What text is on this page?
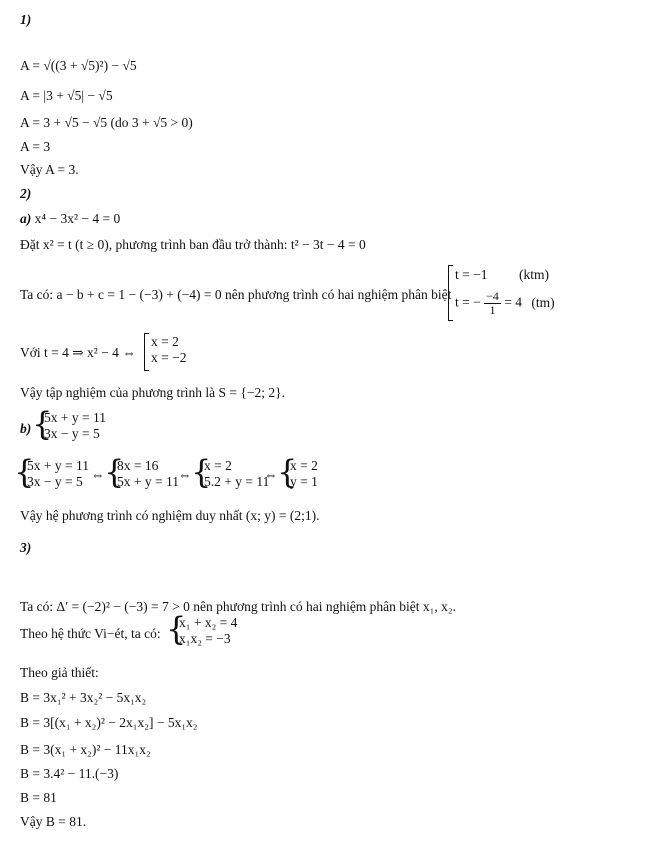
1)
A = √((3 + √5)²) − √5
A = |3 + √5| − √5
A = 3 + √5 − √5 (do 3 + √5 > 0)
A = 3
Vậy A = 3.
2)
a) x⁴ − 3x² − 4 = 0
Đặt x² = t (t ≥ 0), phương trình ban đầu trở thành: t² − 3t − 4 = 0
Ta có: a − b + c = 1 − (−3) + (−4) = 0 nên phương trình có hai nghiệm phân biệt
t = −1 (ktm)
t = − $\frac{-4}{1} = 4$ (tm)
Với t = 4 ⇒ x² − 4 ⇔
x = 2
x = −2
Vậy tập nghiệm của phương trình là S = {−2; 2}.
b) {
5x + y = 11
3x − y = 5
{
5x + y = 11
3x − y = 5 ⇔ {
8x = 16
5x + y = 11 ⇔ {
x = 2
5.2 + y = 11
⇔ {
x = 2
y = 1
Vậy hệ phương trình có nghiệm duy nhất (x; y) = (2;1).
3)
Ta có: Δ′ = (−2)² − (−3) = 7 > 0 nên phương trình có hai nghiệm phân biệt x₁, x₂.
Theo hệ thức Vi−ét, ta có: {
x₁ + x₂ = 4
x₁x₂ = −3
Theo giả thiết:
B = 3x₁² + 3x₂² − 5x₁x₂
B = 3[(x₁ + x₂)² − 2x₁x₂] − 5x₁x₂
B = 3(x₁ + x₂)² − 11x₁x₂
B = 3.4² − 11.(−3)
B = 81
Vậy B = 81.
